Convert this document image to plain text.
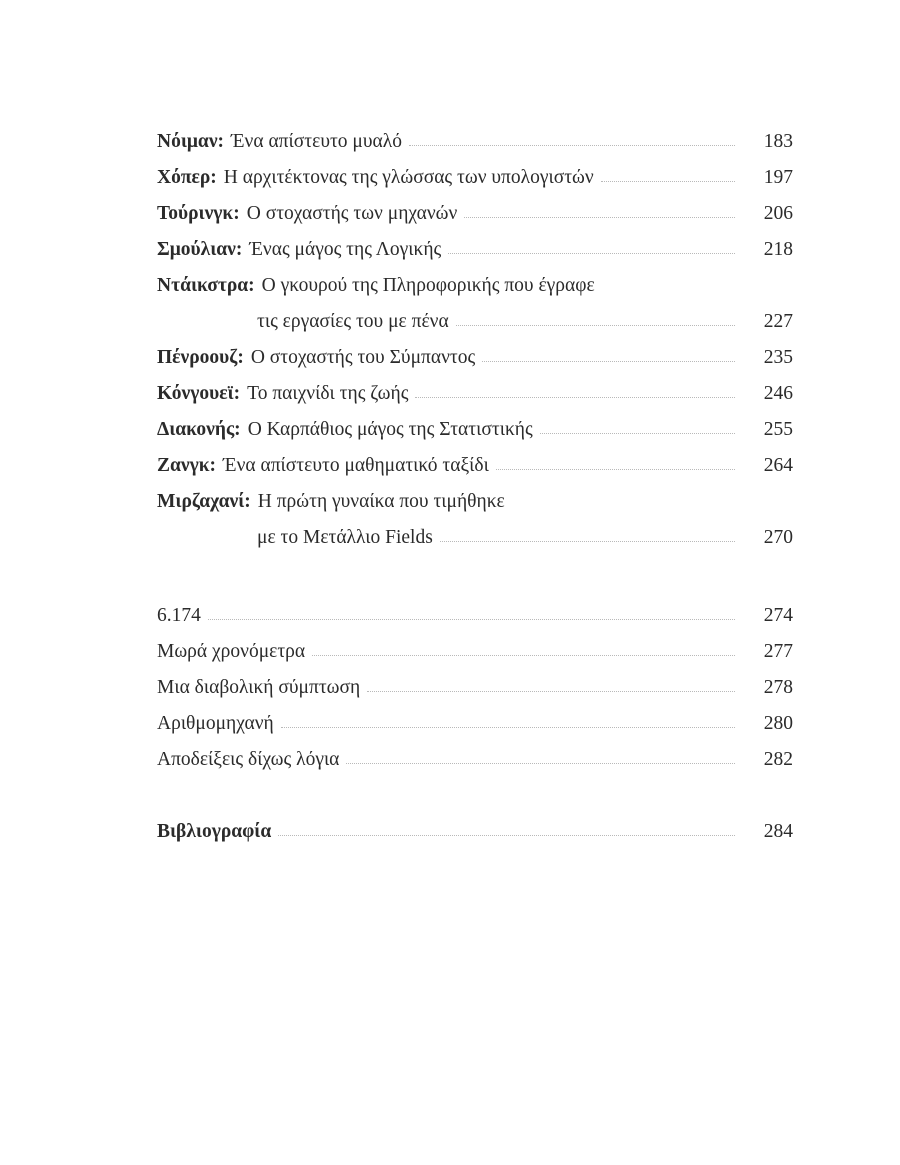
Νόιμαν: Ένα απίστευτο μυαλό	183
Χόπερ: Η αρχιτέκτονας της γλώσσας των υπολογιστών	197
Τούρινγκ: Ο στοχαστής των μηχανών	206
Σμούλιαν: Ένας μάγος της Λογικής	218
Ντάικστρα: Ο γκουρού της Πληροφορικής που έγραφε
τις εργασίες του με πένα	227
Πένροουζ: Ο στοχαστής του Σύμπαντος	235
Κόνγουεϊ: Το παιχνίδι της ζωής	246
Διακονής: Ο Καρπάθιος μάγος της Στατιστικής	255
Ζανγκ: Ένα απίστευτο μαθηματικό ταξίδι	264
Μιρζαχανί: Η πρώτη γυναίκα που τιμήθηκε
με το Μετάλλιο Fields	270
6.174	274
Μωρά χρονόμετρα	277
Μια διαβολική σύμπτωση	278
Αριθμομηχανή	280
Αποδείξεις δίχως λόγια	282
Βιβλιογραφία	284
